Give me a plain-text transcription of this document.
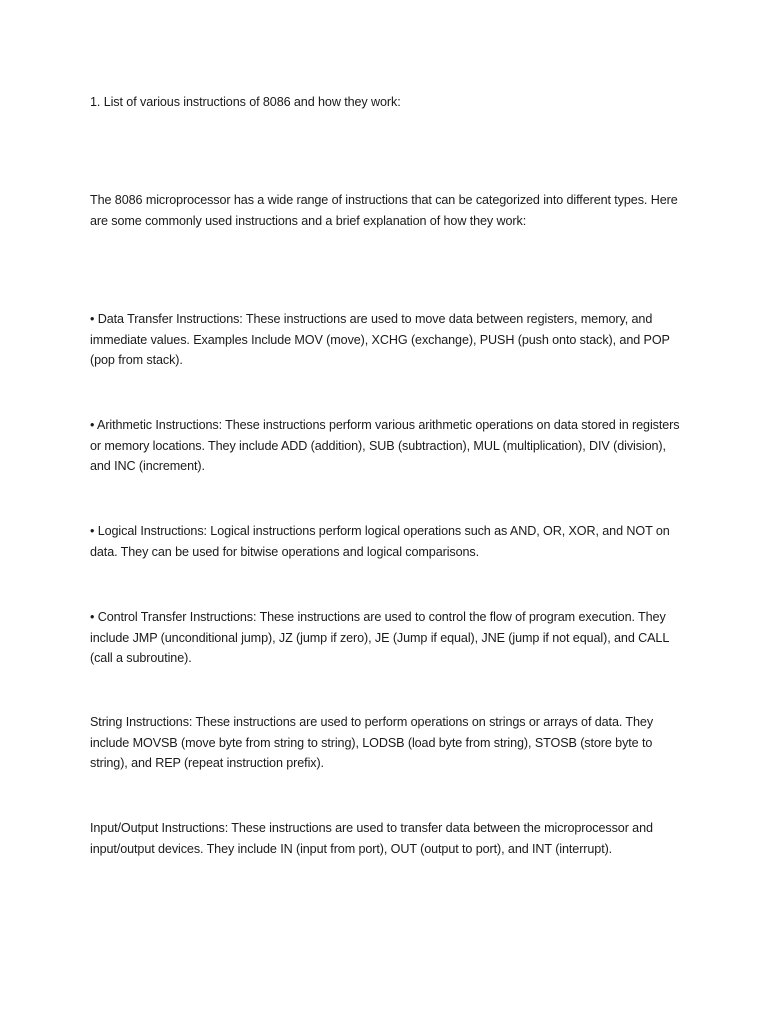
1. List of various instructions of 8086 and how they work:

The 8086 microprocessor has a wide range of instructions that can be categorized into different types. Here are some commonly used instructions and a brief explanation of how they work:

• Data Transfer Instructions: These instructions are used to move data between registers, memory, and immediate values. Examples Include MOV (move), XCHG (exchange), PUSH (push onto stack), and POP (pop from stack).

• Arithmetic Instructions: These instructions perform various arithmetic operations on data stored in registers or memory locations. They include ADD (addition), SUB (subtraction), MUL (multiplication), DIV (division), and INC (increment).

• Logical Instructions: Logical instructions perform logical operations such as AND, OR, XOR, and NOT on data. They can be used for bitwise operations and logical comparisons.

• Control Transfer Instructions: These instructions are used to control the flow of program execution. They include JMP (unconditional jump), JZ (jump if zero), JE (Jump if equal), JNE (jump if not equal), and CALL (call a subroutine).

String Instructions: These instructions are used to perform operations on strings or arrays of data. They include MOVSB (move byte from string to string), LODSB (load byte from string), STOSB (store byte to string), and REP (repeat instruction prefix).

Input/Output Instructions: These instructions are used to transfer data between the microprocessor and input/output devices. They include IN (input from port), OUT (output to port), and INT (interrupt).
